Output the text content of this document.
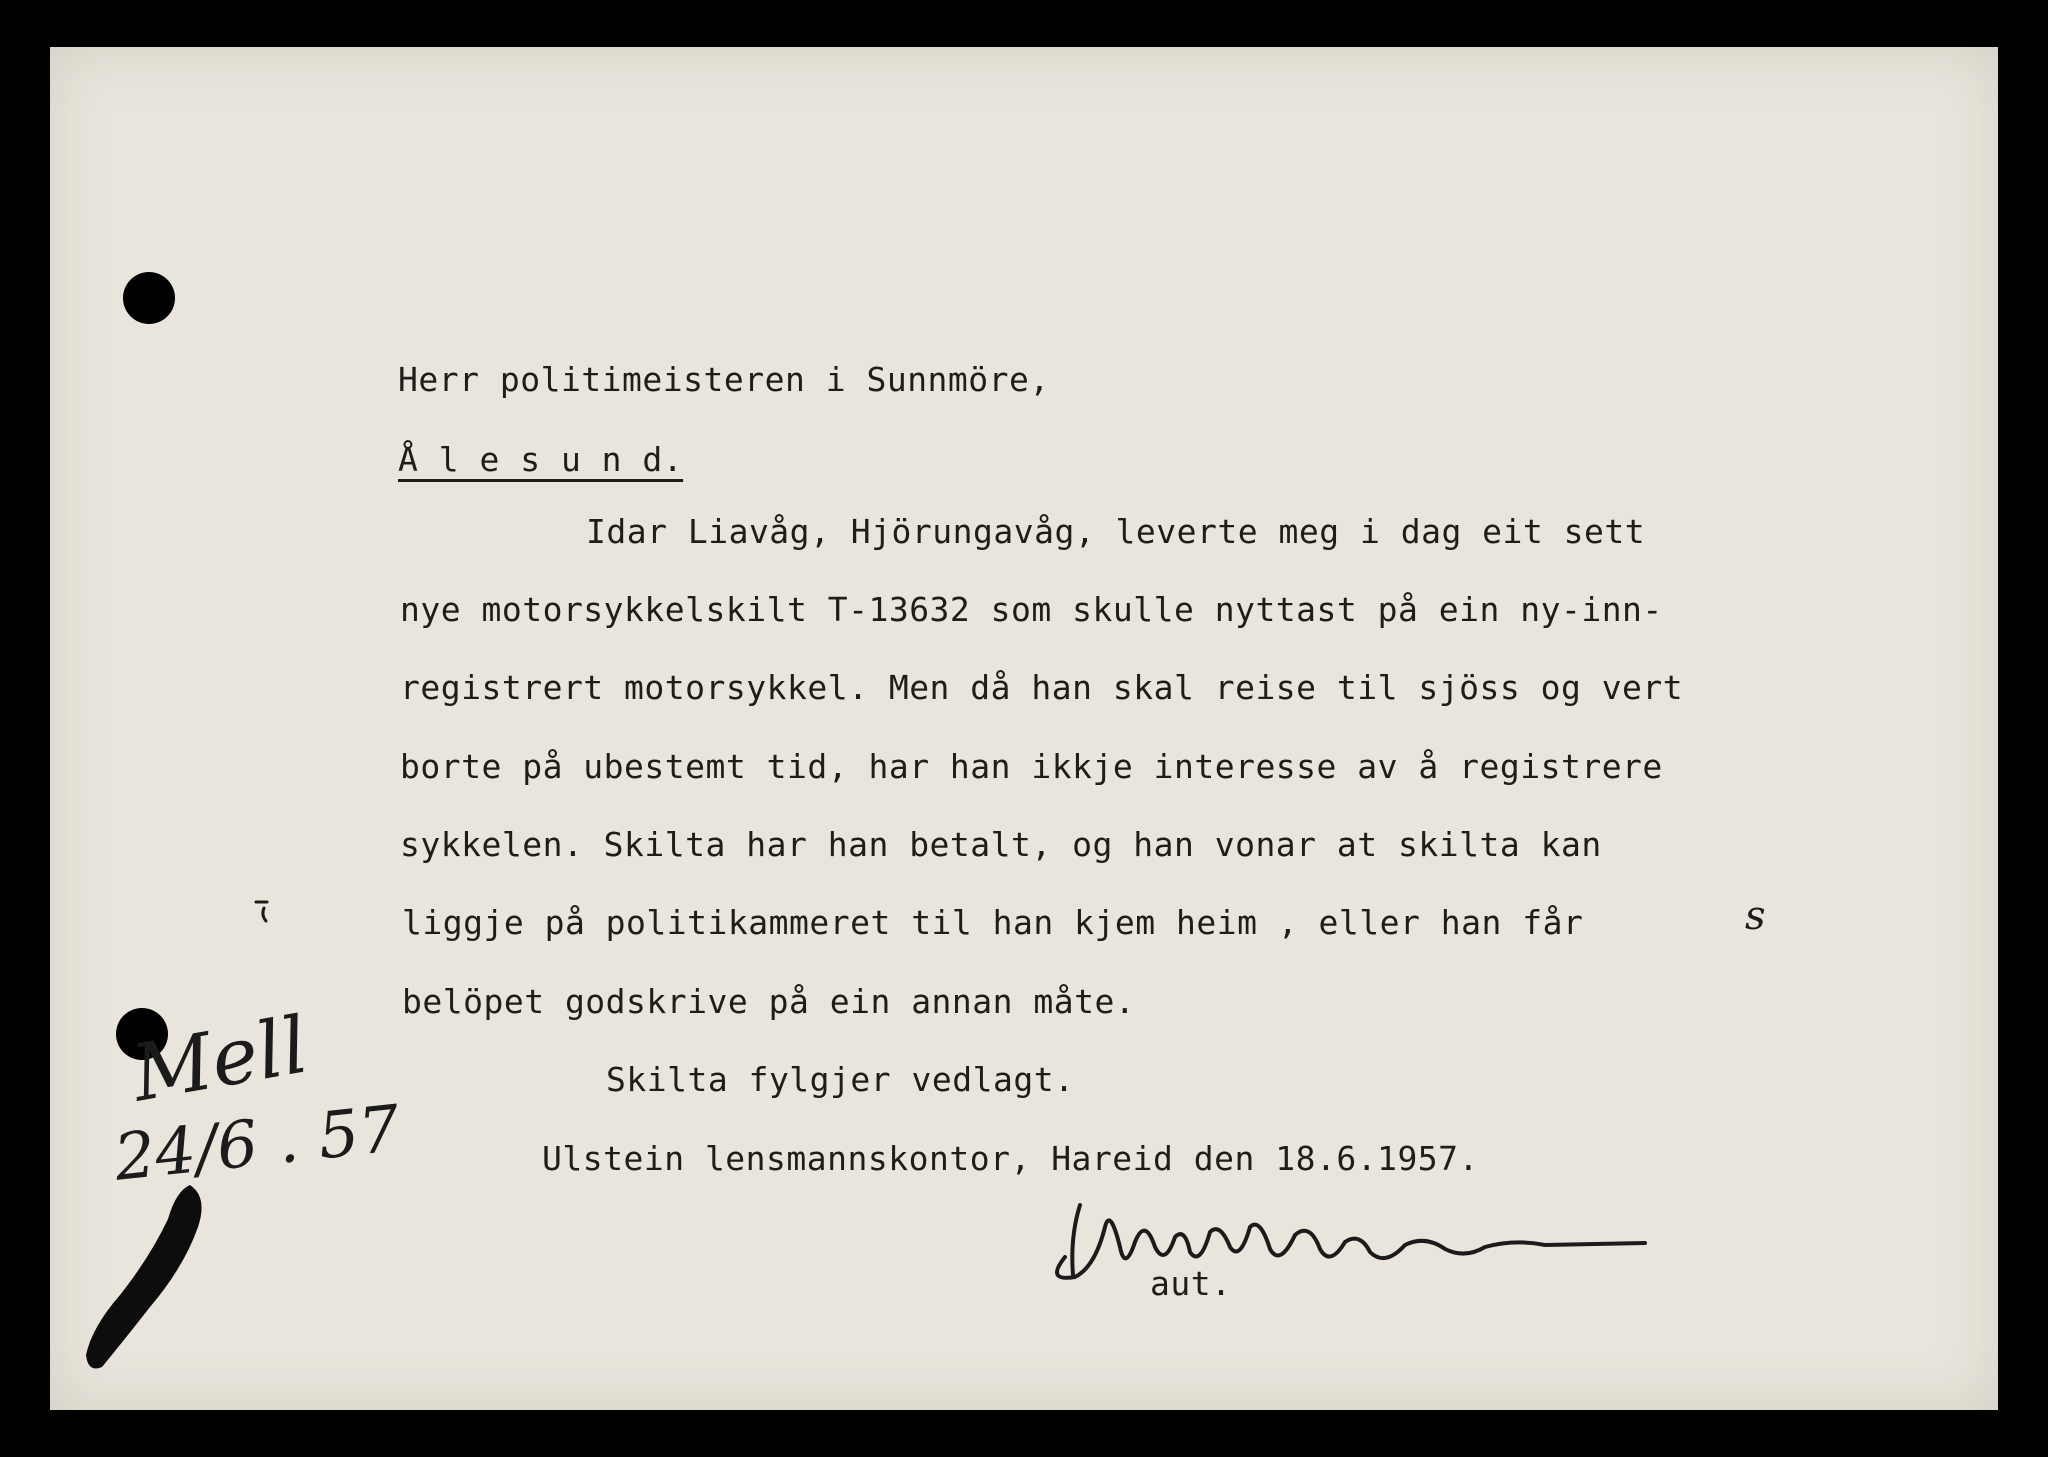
Herr politimeisteren i Sunnmöre,
Å l e s u n d.
Idar Liavåg, Hjörungavåg, leverte meg i dag eit sett
nye motorsykkelskilt T-13632 som skulle nyttast på ein ny-inn-
registrert motorsykkel. Men då han skal reise til sjöss og vert
borte på ubestemt tid, har han ikkje interesse av å registrere
sykkelen. Skilta har han betalt, og han vonar at skilta kan
liggje på politikammeret til han kjem heim , eller han får
belöpet godskrive på ein annan måte.
s
Skilta fylgjer vedlagt.
Ulstein lensmannskontor, Hareid den 18.6.1957.
aut.
Mell
24/6 . 57
